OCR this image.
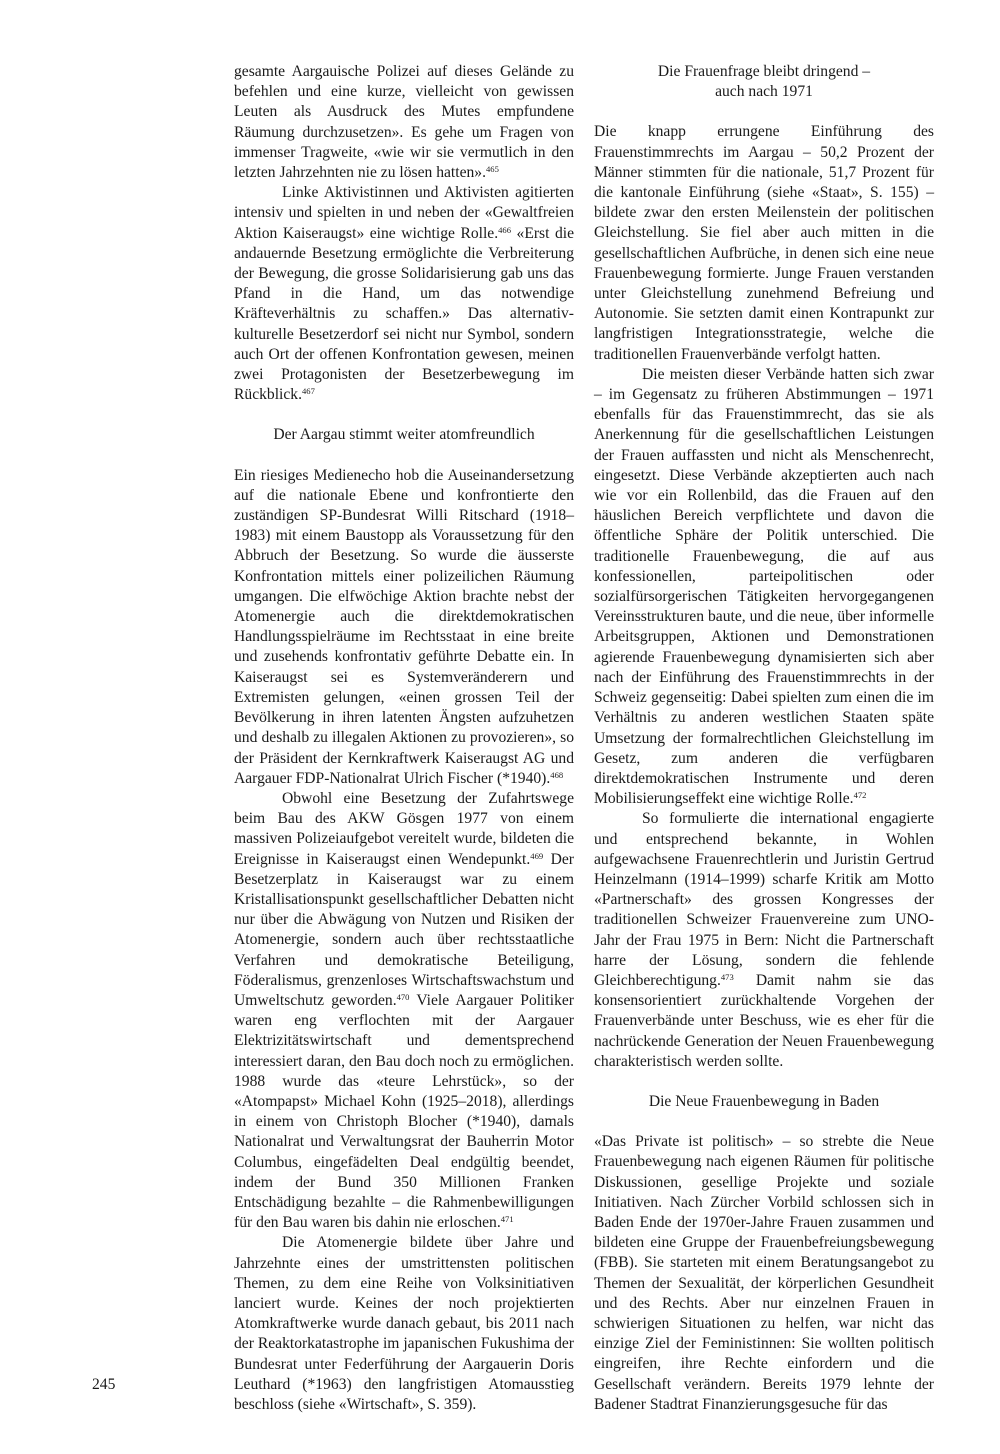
gesamte Aargauische Polizei auf dieses Gelände zu befehlen und eine kurze, vielleicht von gewissen Leuten als Ausdruck des Mutes empfundene Räumung durchzusetzen». Es gehe um Fragen von immenser Tragweite, «wie wir sie vermutlich in den letzten Jahrzehnten nie zu lösen hatten».$^{465}$

Linke Aktivistinnen und Aktivisten agitierten intensiv und spielten in und neben der «Gewaltfreien Aktion Kaiseraugst» eine wichtige Rolle.$^{466}$ «Erst die andauernde Besetzung ermöglichte die Verbreiterung der Bewegung, die grosse Solidarisierung gab uns das Pfand in die Hand, um das notwendige Kräfteverhältnis zu schaffen.» Das alternativ-kulturelle Besetzerdorf sei nicht nur Symbol, sondern auch Ort der offenen Konfrontation gewesen, meinen zwei Protagonisten der Besetzerbewegung im Rückblick.$^{467}$

Der Aargau stimmt weiter atomfreundlich

Ein riesiges Medienecho hob die Auseinandersetzung auf die nationale Ebene und konfrontierte den zuständigen SP-Bundesrat Willi Ritschard (1918–1983) mit einem Baustopp als Voraussetzung für den Abbruch der Besetzung. So wurde die äusserste Konfrontation mittels einer polizeilichen Räumung umgangen. Die elfwöchige Aktion brachte nebst der Atomenergie auch die direktdemokratischen Handlungsspielräume im Rechtsstaat in eine breite und zusehends konfrontativ geführte Debatte ein. In Kaiseraugst sei es Systemveränderern und Extremisten gelungen, «einen grossen Teil der Bevölkerung in ihren latenten Ängsten aufzuhetzen und deshalb zu illegalen Aktionen zu provozieren», so der Präsident der Kernkraftwerk Kaiseraugst AG und Aargauer FDP-Nationalrat Ulrich Fischer (*1940).$^{468}$

Obwohl eine Besetzung der Zufahrtswege beim Bau des AKW Gösgen 1977 von einem massiven Polizeiaufgebot vereitelt wurde, bildeten die Ereignisse in Kaiseraugst einen Wendepunkt.$^{469}$ Der Besetzerplatz in Kaiseraugst war zu einem Kristallisationspunkt gesellschaftlicher Debatten nicht nur über die Abwägung von Nutzen und Risiken der Atomenergie, sondern auch über rechtsstaatliche Verfahren und demokratische Beteiligung, Föderalismus, grenzenloses Wirtschaftswachstum und Umweltschutz geworden.$^{470}$ Viele Aargauer Politiker waren eng verflochten mit der Aargauer Elektrizitätswirtschaft und dementsprechend interessiert daran, den Bau doch noch zu ermöglichen. 1988 wurde das «teure Lehrstück», so der «Atompapst» Michael Kohn (1925–2018), allerdings in einem von Christoph Blocher (*1940), damals Nationalrat und Verwaltungsrat der Bauherrin Motor Columbus, eingefädelten Deal endgültig beendet, indem der Bund 350 Millionen Franken Entschädigung bezahlte – die Rahmenbewilligungen für den Bau waren bis dahin nie erloschen.$^{471}$

Die Atomenergie bildete über Jahre und Jahrzehnte eines der umstrittensten politischen Themen, zu dem eine Reihe von Volksinitiativen lanciert wurde. Keines der noch projektierten Atomkraftwerke wurde danach gebaut, bis 2011 nach der Reaktorkatastrophe im japanischen Fukushima der Bundesrat unter Federführung der Aargauerin Doris Leuthard (*1963) den langfristigen Atomausstieg beschloss (siehe «Wirtschaft», S. 359).

Die Frauenfrage bleibt dringend –
auch nach 1971

Die knapp errungene Einführung des Frauenstimmrechts im Aargau – 50,2 Prozent der Männer stimmten für die nationale, 51,7 Prozent für die kantonale Einführung (siehe «Staat», S. 155) – bildete zwar den ersten Meilenstein der politischen Gleichstellung. Sie fiel aber auch mitten in die gesellschaftlichen Aufbrüche, in denen sich eine neue Frauenbewegung formierte. Junge Frauen verstanden unter Gleichstellung zunehmend Befreiung und Autonomie. Sie setzten damit einen Kontrapunkt zur langfristigen Integrationsstrategie, welche die traditionellen Frauenverbände verfolgt hatten.

Die meisten dieser Verbände hatten sich zwar – im Gegensatz zu früheren Abstimmungen – 1971 ebenfalls für das Frauenstimmrecht, das sie als Anerkennung für die gesellschaftlichen Leistungen der Frauen auffassten und nicht als Menschenrecht, eingesetzt. Diese Verbände akzeptierten auch nach wie vor ein Rollenbild, das die Frauen auf den häuslichen Bereich verpflichtete und davon die öffentliche Sphäre der Politik unterschied. Die traditionelle Frauenbewegung, die auf aus konfessionellen, parteipolitischen oder sozialfürsorgerischen Tätigkeiten hervorgegangenen Vereinsstrukturen baute, und die neue, über informelle Arbeitsgruppen, Aktionen und Demonstrationen agierende Frauenbewegung dynamisierten sich aber nach der Einführung des Frauenstimmrechts in der Schweiz gegenseitig: Dabei spielten zum einen die im Verhältnis zu anderen westlichen Staaten späte Umsetzung der formalrechtlichen Gleichstellung im Gesetz, zum anderen die verfügbaren direktdemokratischen Instrumente und deren Mobilisierungseffekt eine wichtige Rolle.$^{472}$

So formulierte die international engagierte und entsprechend bekannte, in Wohlen aufgewachsene Frauenrechtlerin und Juristin Gertrud Heinzelmann (1914–1999) scharfe Kritik am Motto «Partnerschaft» des grossen Kongresses der traditionellen Schweizer Frauenvereine zum UNO-Jahr der Frau 1975 in Bern: Nicht die Partnerschaft harre der Lösung, sondern die fehlende Gleichberechtigung.$^{473}$ Damit nahm sie das konsensorientiert zurückhaltende Vorgehen der Frauenverbände unter Beschuss, wie es eher für die nachrückende Generation der Neuen Frauenbewegung charakteristisch werden sollte.

Die Neue Frauenbewegung in Baden

«Das Private ist politisch» – so strebte die Neue Frauenbewegung nach eigenen Räumen für politische Diskussionen, gesellige Projekte und soziale Initiativen. Nach Zürcher Vorbild schlossen sich in Baden Ende der 1970er-Jahre Frauen zusammen und bildeten eine Gruppe der Frauenbefreiungsbewegung (FBB). Sie starteten mit einem Beratungsangebot zu Themen der Sexualität, der körperlichen Gesundheit und des Rechts. Aber nur einzelnen Frauen in schwierigen Situationen zu helfen, war nicht das einzige Ziel der Feministinnen: Sie wollten politisch eingreifen, ihre Rechte einfordern und die Gesellschaft verändern. Bereits 1979 lehnte der Badener Stadtrat Finanzierungsgesuche für das

245
